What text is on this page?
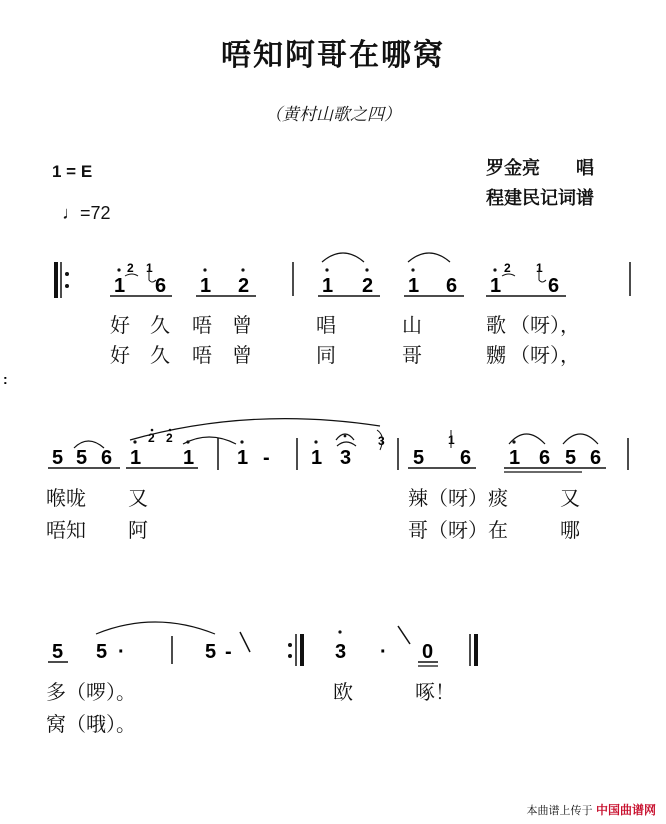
唔知阿哥在哪窝
（黄村山歌之四）
1 = E
♩=72
罗金亮　　唱
程建民记词谱
1 6 1 2	1 2 1 6 1 6
2 1	2 1
5 5 6 1 1 1 - 1 3	5 6 1 6 5 6
2 2	3	1
:
5 5 ·	5 -	3 · 0
好 久 唔 曾	唱	山	歌 （呀），
好 久 唔 曾	同	哥	嬲 （呀），
喉咙 又	辣（呀）痰	又
唔知 阿	哥（呀）在	哪
多（啰）。	欧	啄！
窝（哦）。
本曲谱上传于 中国曲谱网
